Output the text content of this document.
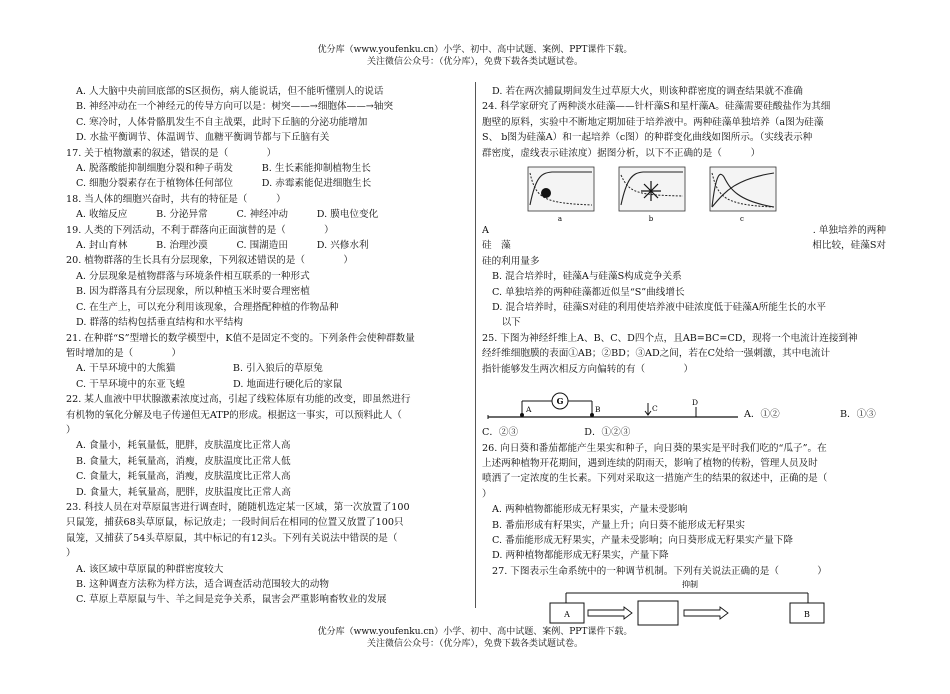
优分库（www.youfenku.cn）小学、初中、高中试题、案例、PPT课件下载。
关注微信公众号：（优分库），免费下载各类试题试卷。
A. 人大脑中央前回底部的S区损伤，病人能说话，但不能听懂别人的说话
B. 神经冲动在一个神经元的传导方向可以是：树突——→细胞体——→轴突
C. 寒冷时，人体骨骼肌发生不自主战栗，此时下丘脑的分泌功能增加
D. 水盐平衡调节、体温调节、血糖平衡调节都与下丘脑有关
17. 关于植物激素的叙述，错误的是（　　　　）
A. 脱落酸能抑制细胞分裂和种子萌发　　　B. 生长素能抑制植物生长
C. 细胞分裂素存在于植物体任何部位　　　D. 赤霉素能促进细胞生长
18. 当人体的细胞兴奋时，共有的特征是（　　　）
A. 收缩反应　　　B. 分泌异常　　　C. 神经冲动　　　D. 膜电位变化
19. 人类的下列活动，不利于群落向正面演替的是（　　　　）
A. 封山育林　　　B. 治理沙漠　　　C. 围湖造田　　　D. 兴修水利
20. 植物群落的生长具有分层现象，下列叙述错误的是（　　　　）
A. 分层现象是植物群落与环境条件相互联系的一种形式
B. 因为群落具有分层现象，所以种植玉米时要合理密植
C. 在生产上，可以充分利用该现象，合理搭配种植的作物品种
D. 群落的结构包括垂直结构和水平结构
21. 在种群“S”型增长的数学模型中，K值不是固定不变的。下列条件会使种群数量
暂时增加的是（　　　　）
A. 干旱环境中的大熊猫　　　　　　B. 引入狼后的草原兔
C. 干旱环境中的东亚飞蝗　　　　　D. 地面进行硬化后的家鼠
22. 某人血液中甲状腺激素浓度过高，引起了线粒体原有功能的改变，即虽然进行
有机物的氧化分解及电子传递但无ATP的形成。根据这一事实，可以预料此人（
）
A. 食量小，耗氧量低，肥胖，皮肤温度比正常人高
B. 食量大，耗氧量高，消瘦，皮肤温度比正常人低
C. 食量大，耗氧量高，消瘦，皮肤温度比正常人高
D. 食量大，耗氧量高，肥胖，皮肤温度比正常人高
23. 科技人员在对草原鼠害进行调查时，随随机选定某一区域，第一次放置了100
只鼠笼，捕获68头草原鼠，标记放走；一段时间后在相同的位置又放置了100只
鼠笼，又捕获了54头草原鼠，其中标记的有12头。下列有关说法中错误的是（
）
A. 该区域中草原鼠的种群密度较大
B. 这种调查方法称为样方法，适合调查活动范围较大的动物
C. 草原上草原鼠与牛、羊之间是竞争关系，鼠害会严重影响畜牧业的发展
D. 若在两次捕鼠期间发生过草原大火，则该种群密度的调查结果就不准确
24. 科学家研究了两种淡水硅藻——针杆藻S和星杆藻A。硅藻需要硅酸盐作为其细
胞壁的原料，实验中不断地定期加硅于培养液中。两种硅藻单独培养（a图为硅藻
S、 b图为硅藻A）和一起培养（c图）的种群变化曲线如图所示。（实线表示种
群密度，虚线表示硅浓度）据图分析，以下不正确的是（　　　）
a
	b
	c
A	. 单独培养的两种
硅　藻	相比较，硅藻S对
硅的利用量多
B. 混合培养时，硅藻A与硅藻S构成竞争关系
C. 单独培养的两种硅藻都近似呈“S”曲线增长
D. 混合培养时，硅藻S对硅的利用使培养液中硅浓度低于硅藻A所能生长的水平
　以下
25. 下图为神经纤维上A、B、C、D四个点，且AB=BC=CD，现将一个电流计连接到神
经纤维细胞膜的表面①AB；②BD；③AD之间，若在C处给一强刺激，其中电流计
指针能够发生两次相反方向偏转的有（　　　　）
G
A	B	C
D
A．①②	B．①③
C．②③	D．①②③
26. 向日葵和番茄都能产生果实和种子，向日葵的果实是平时我们吃的“瓜子”。在
上述两种植物开花期间，遇到连续的阴雨天，影响了植物的传粉，管理人员及时
喷洒了一定浓度的生长素。下列对采取这一措施产生的结果的叙述中，正确的是（
）
A. 两种植物都能形成无籽果实，产量未受影响
B. 番茄形成有籽果实，产量上升；向日葵不能形成无籽果实
C. 番茄能形成无籽果实，产量未受影响；向日葵形成无籽果实产量下降
D. 两种植物都能形成无籽果实，产量下降
27. 下图表示生命系统中的一种调节机制。下列有关说法正确的是（　　　　）
抑制
A	B
优分库（www.youfenku.cn）小学、初中、高中试题、案例、PPT课件下载。
关注微信公众号：（优分库），免费下载各类试题试卷。
